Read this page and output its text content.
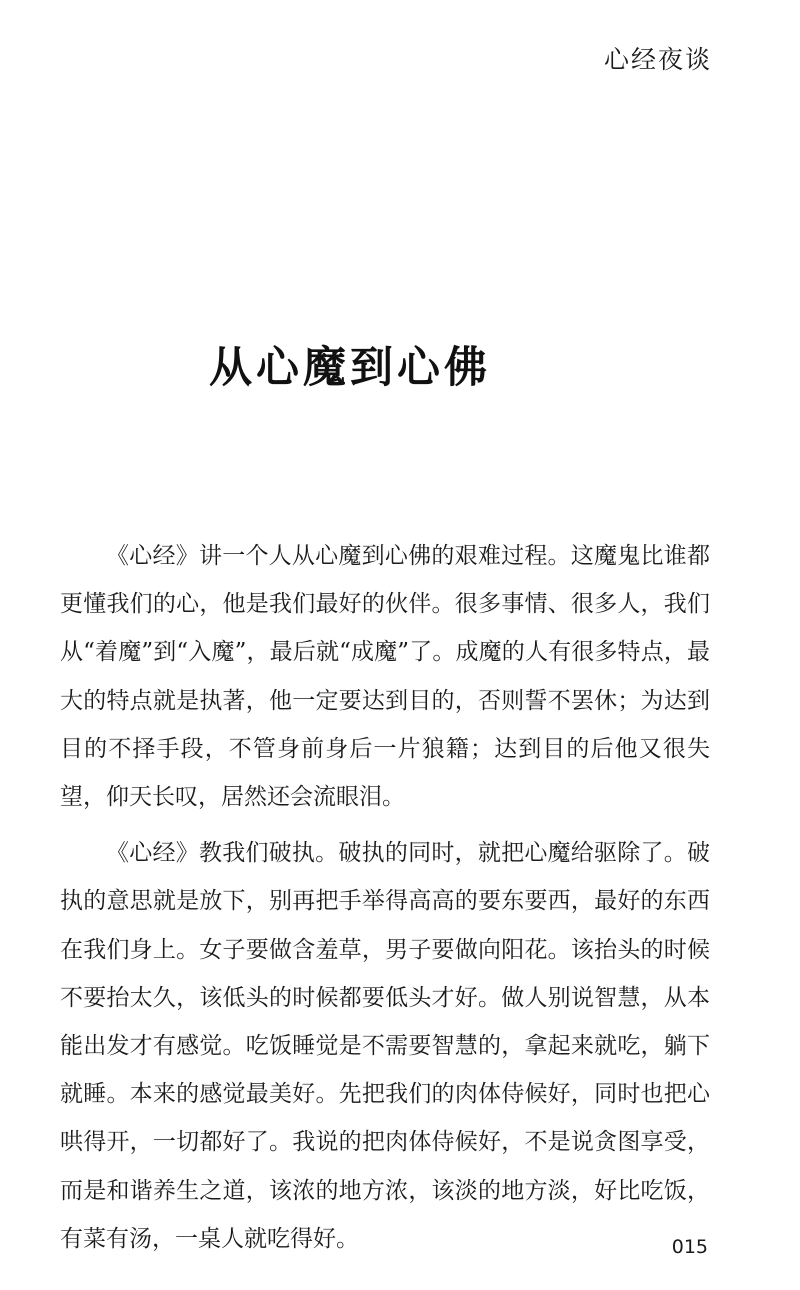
心经夜谈
从心魔到心佛

《心经》讲一个人从心魔到心佛的艰难过程。这魔鬼比谁都更懂我们的心，他是我们最好的伙伴。很多事情、很多人，我们从“着魔”到“入魔”，最后就“成魔”了。成魔的人有很多特点，最大的特点就是执著，他一定要达到目的，否则誓不罢休；为达到目的不择手段，不管身前身后一片狼籍；达到目的后他又很失望，仰天长叹，居然还会流眼泪。

《心经》教我们破执。破执的同时，就把心魔给驱除了。破执的意思就是放下，别再把手举得高高的要东要西，最好的东西在我们身上。女子要做含羞草，男子要做向阳花。该抬头的时候不要抬太久，该低头的时候都要低头才好。做人别说智慧，从本能出发才有感觉。吃饭睡觉是不需要智慧的，拿起来就吃，躺下就睡。本来的感觉最美好。先把我们的肉体侍候好，同时也把心哄得开，一切都好了。我说的把肉体侍候好，不是说贪图享受，而是和谐养生之道，该浓的地方浓，该淡的地方淡，好比吃饭，有菜有汤，一桌人就吃得好。	015
